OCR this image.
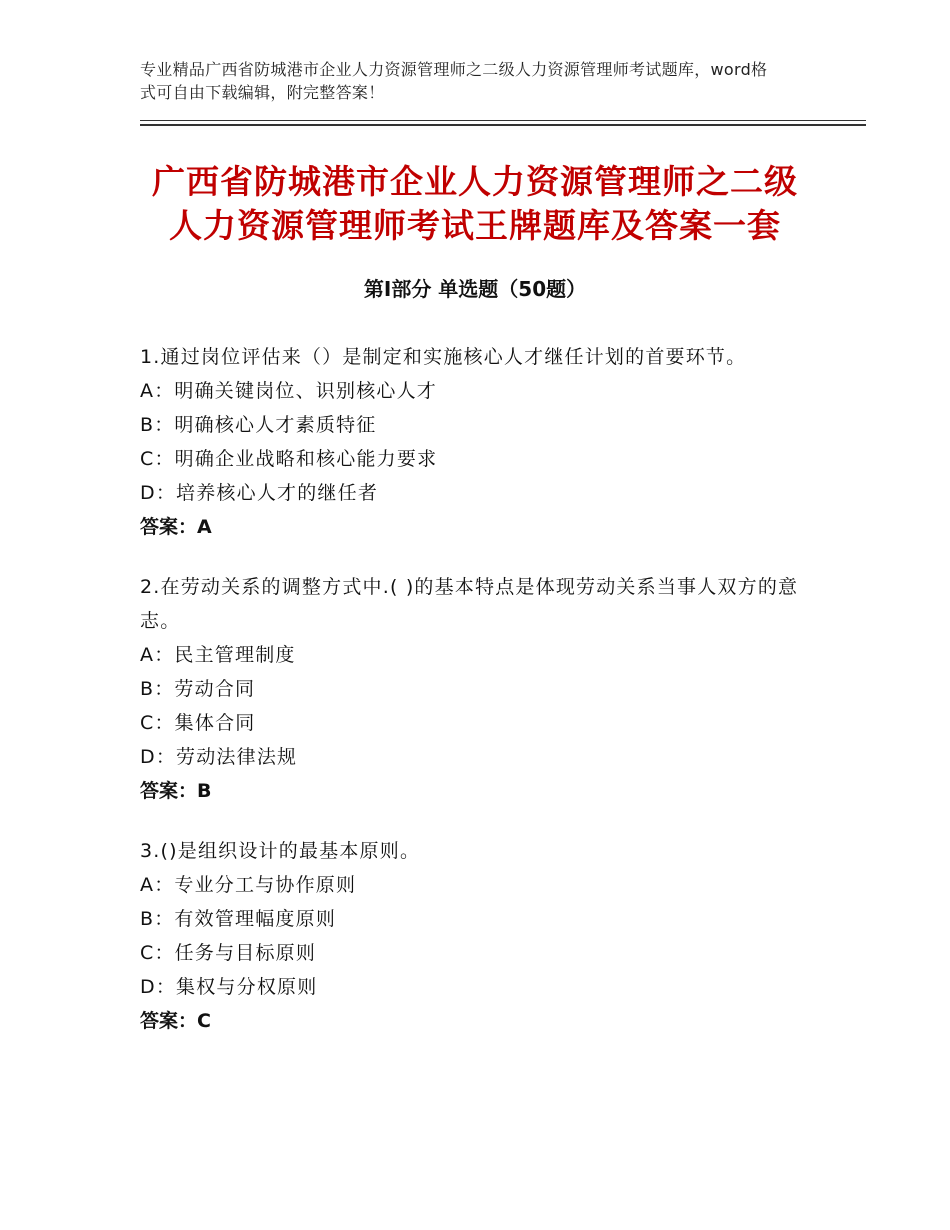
专业精品广西省防城港市企业人力资源管理师之二级人力资源管理师考试题库，word格式可自由下载编辑，附完整答案！
广西省防城港市企业人力资源管理师之二级
人力资源管理师考试王牌题库及答案一套
第Ⅰ部分 单选题（50题）

1.通过岗位评估来（）是制定和实施核心人才继任计划的首要环节。

A：明确关键岗位、识别核心人才

B：明确核心人才素质特征

C：明确企业战略和核心能力要求

D：培养核心人才的继任者

答案：A

2.在劳动关系的调整方式中.( )的基本特点是体现劳动关系当事人双方的意志。

A：民主管理制度

B：劳动合同

C：集体合同

D：劳动法律法规

答案：B

3.()是组织设计的最基本原则。

A：专业分工与协作原则

B：有效管理幅度原则

C：任务与目标原则

D：集权与分权原则

答案：C
